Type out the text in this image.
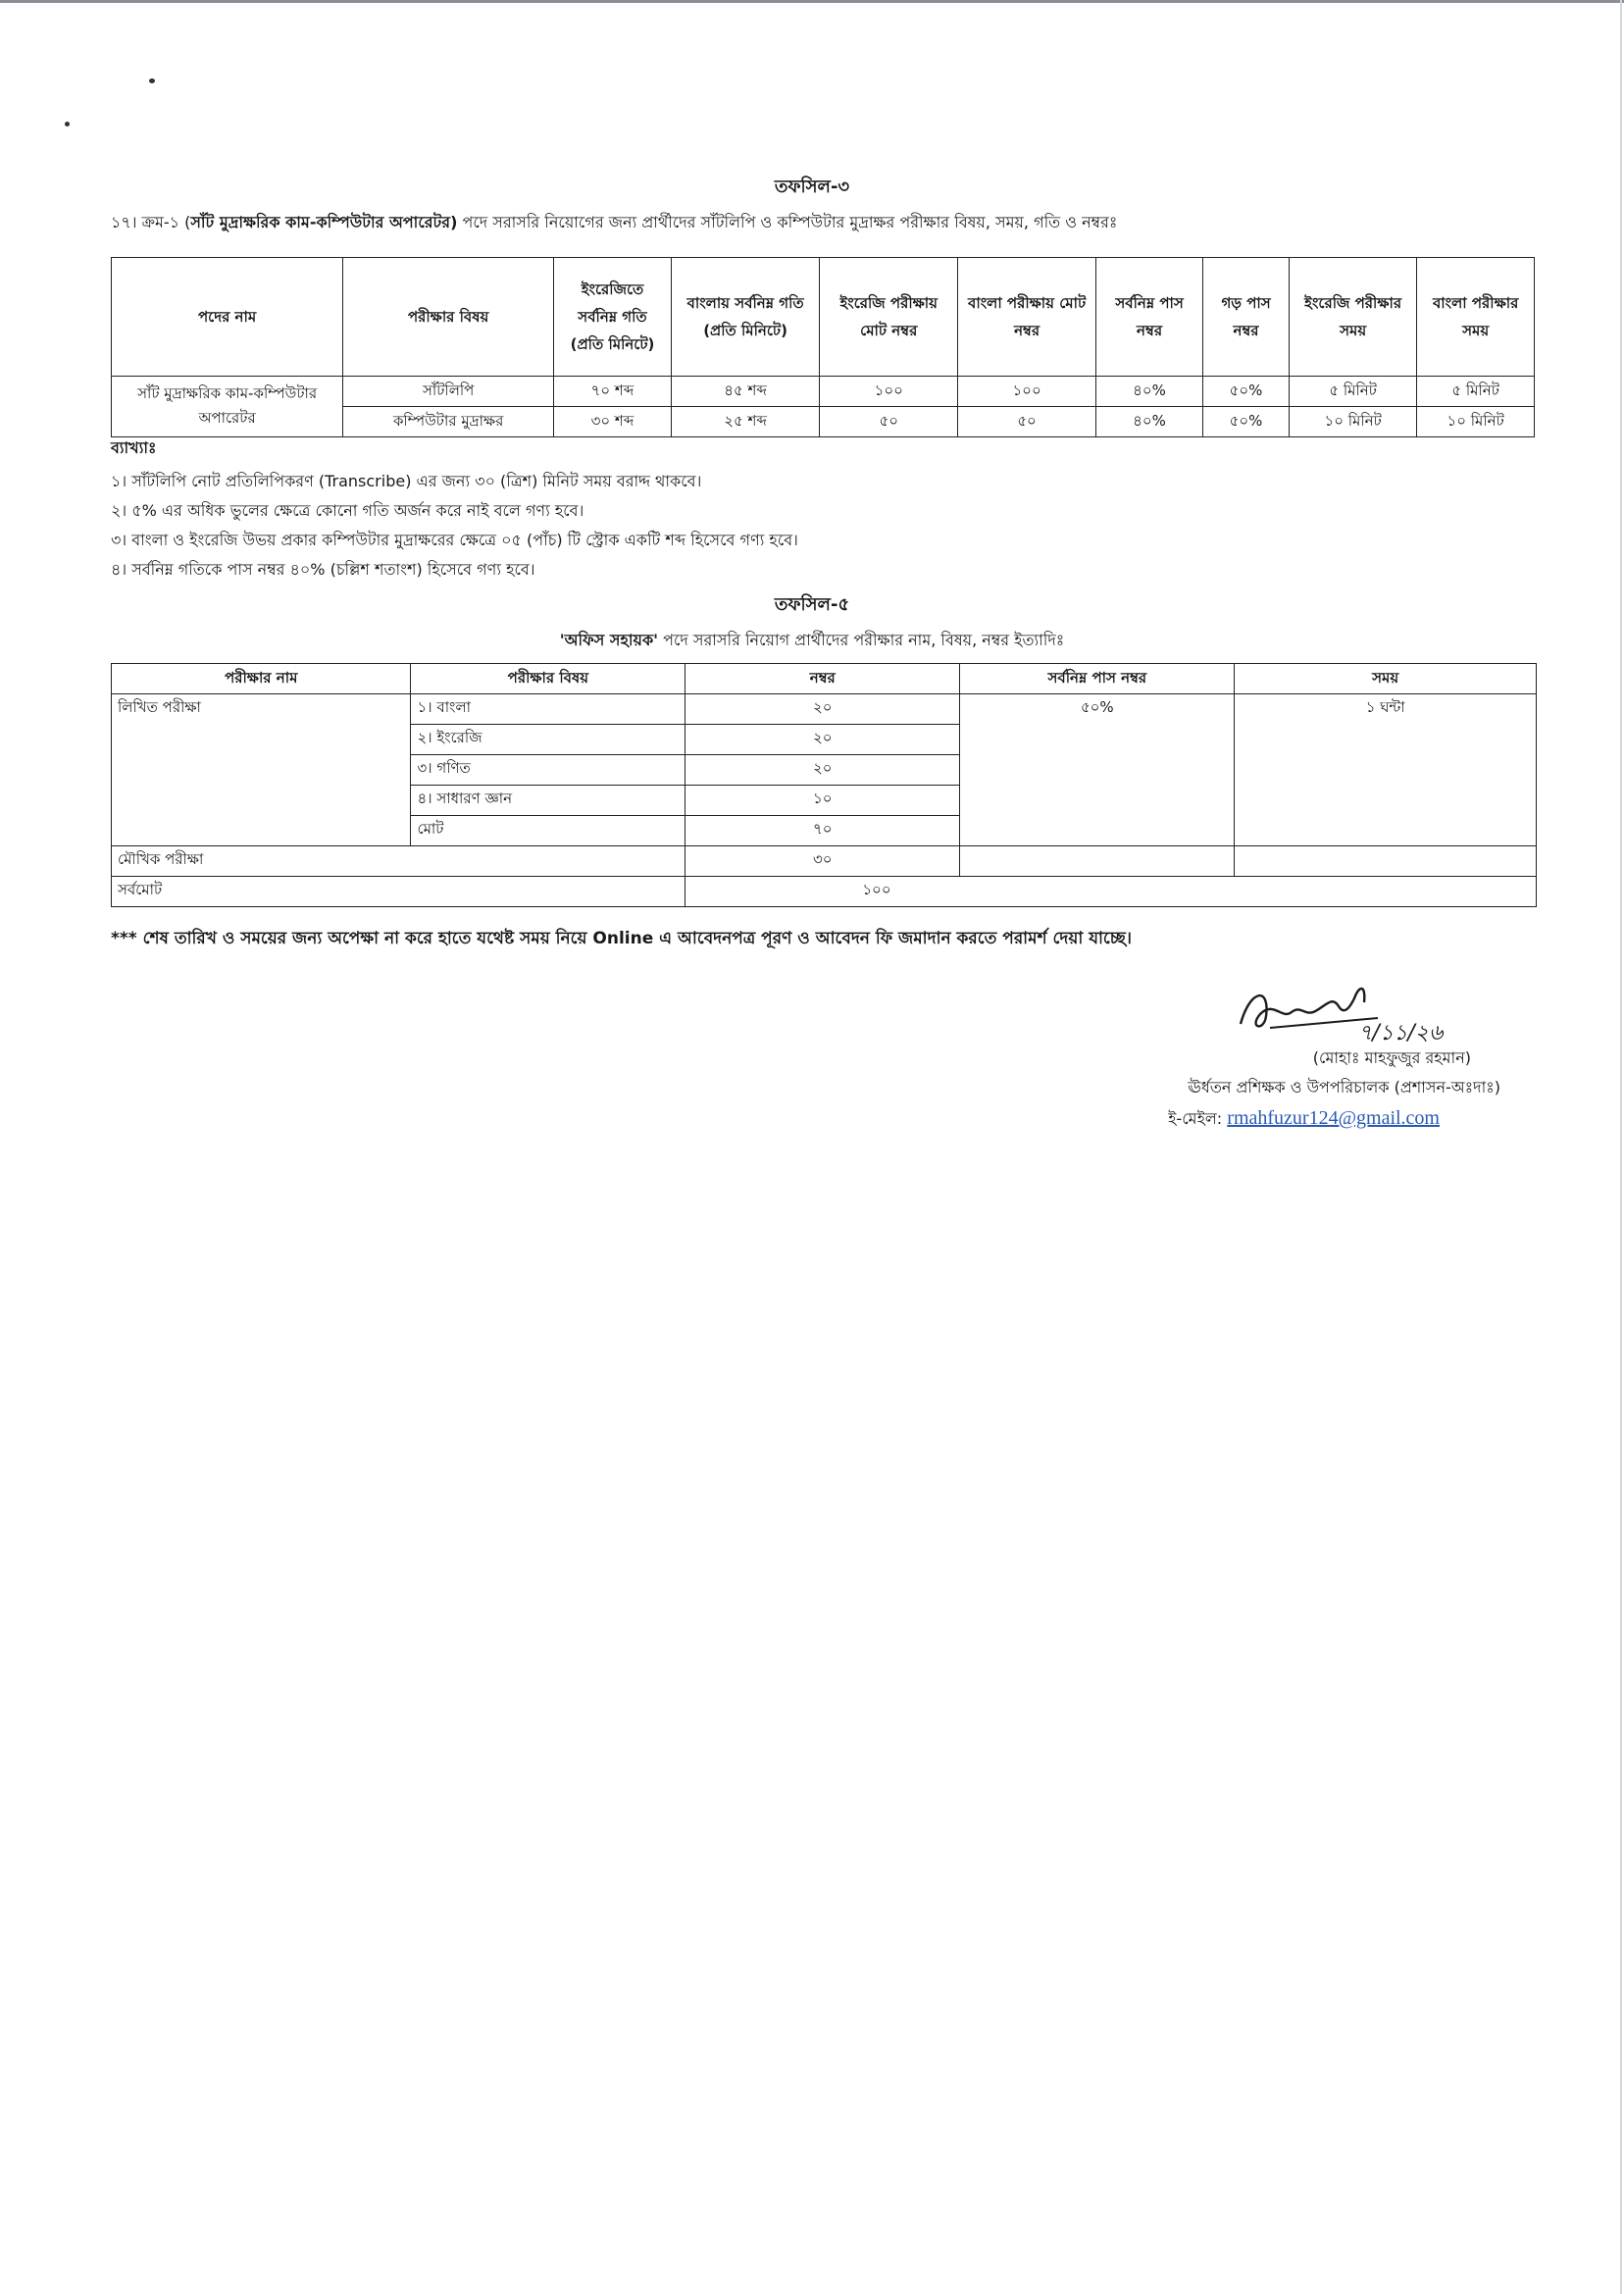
তফসিল-৩
১৭। ক্রম-১ (সাঁট মুদ্রাক্ষরিক কাম-কম্পিউটার অপারেটর) পদে সরাসরি নিয়োগের জন্য প্রার্থীদের সাঁটলিপি ও কম্পিউটার মুদ্রাক্ষর পরীক্ষার বিষয়, সময়, গতি ও নম্বরঃ
পদের নাম	পরীক্ষার বিষয়	ইংরেজিতে সর্বনিম্ন গতি (প্রতি মিনিটে)	বাংলায় সর্বনিম্ন গতি (প্রতি মিনিটে)	ইংরেজি পরীক্ষায় মোট নম্বর	বাংলা পরীক্ষায় মোট নম্বর	সর্বনিম্ন পাস নম্বর	গড় পাস নম্বর	ইংরেজি পরীক্ষার সময়	বাংলা পরীক্ষার সময়
সাঁট মুদ্রাক্ষরিক কাম-কম্পিউটার অপারেটর	সাঁটলিপি	৭০ শব্দ	৪৫ শব্দ	১০০	১০০	৪০%	৫০%	৫ মিনিট	৫ মিনিট
	কম্পিউটার মুদ্রাক্ষর	৩০ শব্দ	২৫ শব্দ	৫০	৫০	৪০%	৫০%	১০ মিনিট	১০ মিনিট
ব্যাখ্যাঃ
১। সাঁটলিপি নোট প্রতিলিপিকরণ (Transcribe) এর জন্য ৩০ (ত্রিশ) মিনিট সময় বরাদ্দ থাকবে।
২। ৫% এর অধিক ভুলের ক্ষেত্রে কোনো গতি অর্জন করে নাই বলে গণ্য হবে।
৩। বাংলা ও ইংরেজি উভয় প্রকার কম্পিউটার মুদ্রাক্ষরের ক্ষেত্রে ০৫ (পাঁচ) টি স্ট্রোক একটি শব্দ হিসেবে গণ্য হবে।
৪। সর্বনিম্ন গতিকে পাস নম্বর ৪০% (চল্লিশ শতাংশ) হিসেবে গণ্য হবে।
তফসিল-৫
'অফিস সহায়ক' পদে সরাসরি নিয়োগ প্রার্থীদের পরীক্ষার নাম, বিষয়, নম্বর ইত্যাদিঃ
পরীক্ষার নাম	পরীক্ষার বিষয়	নম্বর	সর্বনিম্ন পাস নম্বর	সময়
লিখিত পরীক্ষা	১। বাংলা	২০	৫০%	১ ঘন্টা
	২। ইংরেজি	২০		
	৩। গণিত	২০		
	৪। সাধারণ জ্ঞান	১০		
	মোট	৭০		
মৌখিক পরীক্ষা		৩০		
সর্বমোট		১০০		
*** শেষ তারিখ ও সময়ের জন্য অপেক্ষা না করে হাতে যথেষ্ট সময় নিয়ে Online এ আবেদনপত্র পূরণ ও আবেদন ফি জমাদান করতে পরামর্শ দেয়া যাচ্ছে।
৭/১১/২৬
(মোহাঃ মাহফুজুর রহমান)
ঊর্ধতন প্রশিক্ষক ও উপপরিচালক (প্রশাসন-অঃদাঃ)
ই-মেইল: rmahfuzur124@gmail.com
